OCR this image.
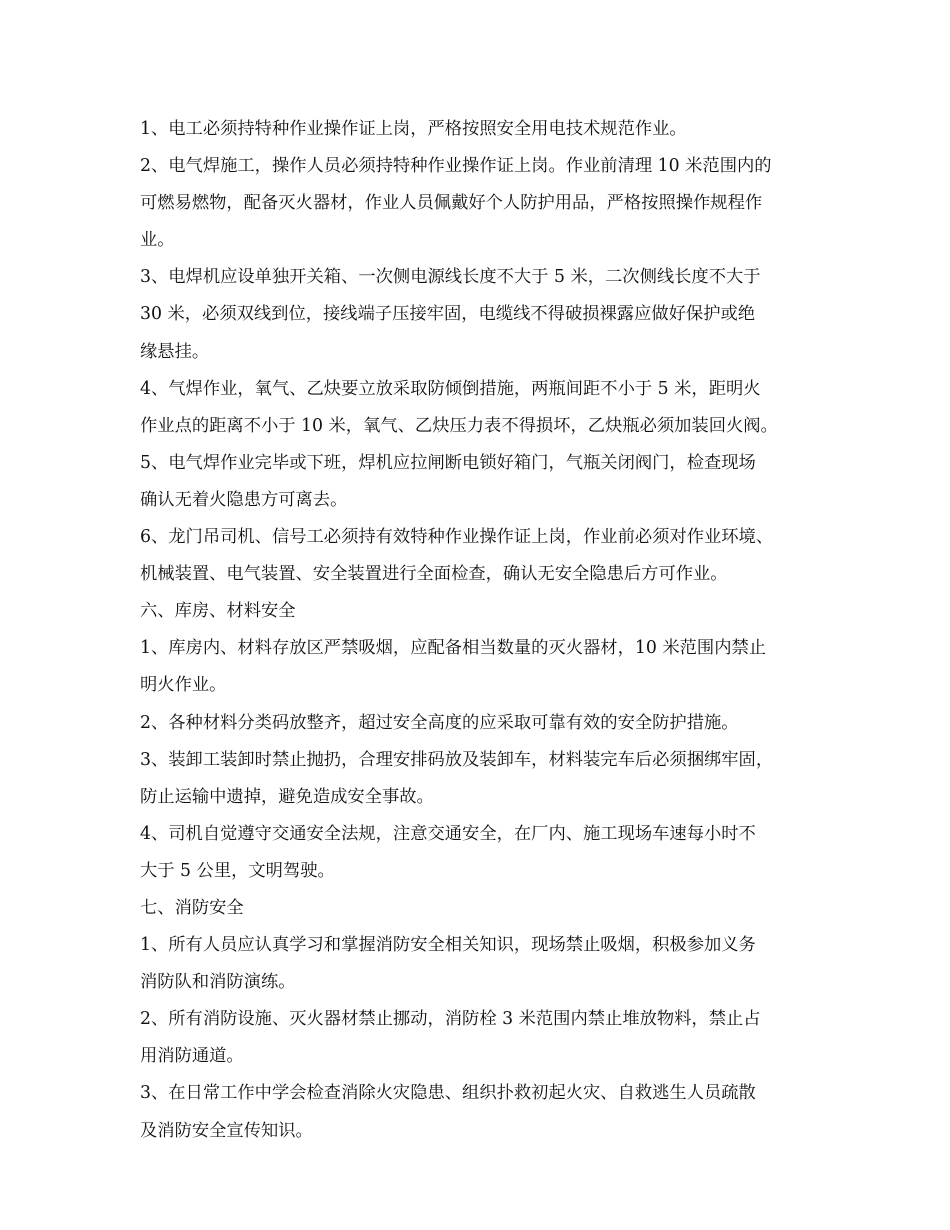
1、电工必须持特种作业操作证上岗，严格按照安全用电技术规范作业。
2、电气焊施工，操作人员必须持特种作业操作证上岗。作业前清理 10 米范围内的
可燃易燃物，配备灭火器材，作业人员佩戴好个人防护用品，严格按照操作规程作
业。
3、电焊机应设单独开关箱、一次侧电源线长度不大于 5 米，二次侧线长度不大于
30 米，必须双线到位，接线端子压接牢固，电缆线不得破损裸露应做好保护或绝
缘悬挂。
4、气焊作业，氧气、乙炔要立放采取防倾倒措施，两瓶间距不小于 5 米，距明火
作业点的距离不小于 10 米，氧气、乙炔压力表不得损坏，乙炔瓶必须加装回火阀。
5、电气焊作业完毕或下班，焊机应拉闸断电锁好箱门，气瓶关闭阀门，检查现场
确认无着火隐患方可离去。
6、龙门吊司机、信号工必须持有效特种作业操作证上岗，作业前必须对作业环境、
机械装置、电气装置、安全装置进行全面检查，确认无安全隐患后方可作业。
六、库房、材料安全
1、库房内、材料存放区严禁吸烟，应配备相当数量的灭火器材，10 米范围内禁止
明火作业。
2、各种材料分类码放整齐，超过安全高度的应采取可靠有效的安全防护措施。
3、装卸工装卸时禁止抛扔，合理安排码放及装卸车，材料装完车后必须捆绑牢固，
防止运输中遗掉，避免造成安全事故。
4、司机自觉遵守交通安全法规，注意交通安全，在厂内、施工现场车速每小时不
大于 5 公里，文明驾驶。
七、消防安全
1、所有人员应认真学习和掌握消防安全相关知识，现场禁止吸烟，积极参加义务
消防队和消防演练。
2、所有消防设施、灭火器材禁止挪动，消防栓 3 米范围内禁止堆放物料，禁止占
用消防通道。
3、在日常工作中学会检查消除火灾隐患、组织扑救初起火灾、自救逃生人员疏散
及消防安全宣传知识。
